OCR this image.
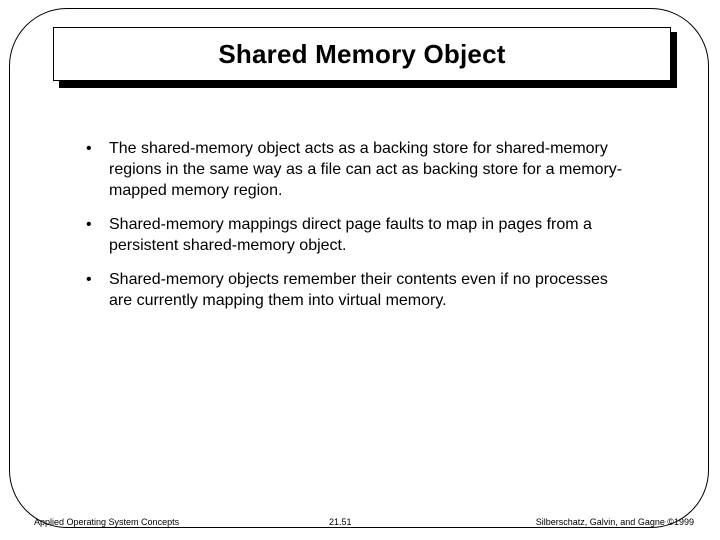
Shared Memory Object
• The shared-memory object acts as a backing store for shared-memory regions in the same way as a file can act as backing store for a memory-mapped memory region.
• Shared-memory mappings direct page faults to map in pages from a persistent shared-memory object.
• Shared-memory objects remember their contents even if no processes are currently mapping them into virtual memory.
Applied Operating System Concepts	21.51	Silberschatz, Galvin, and Gagne ©1999
